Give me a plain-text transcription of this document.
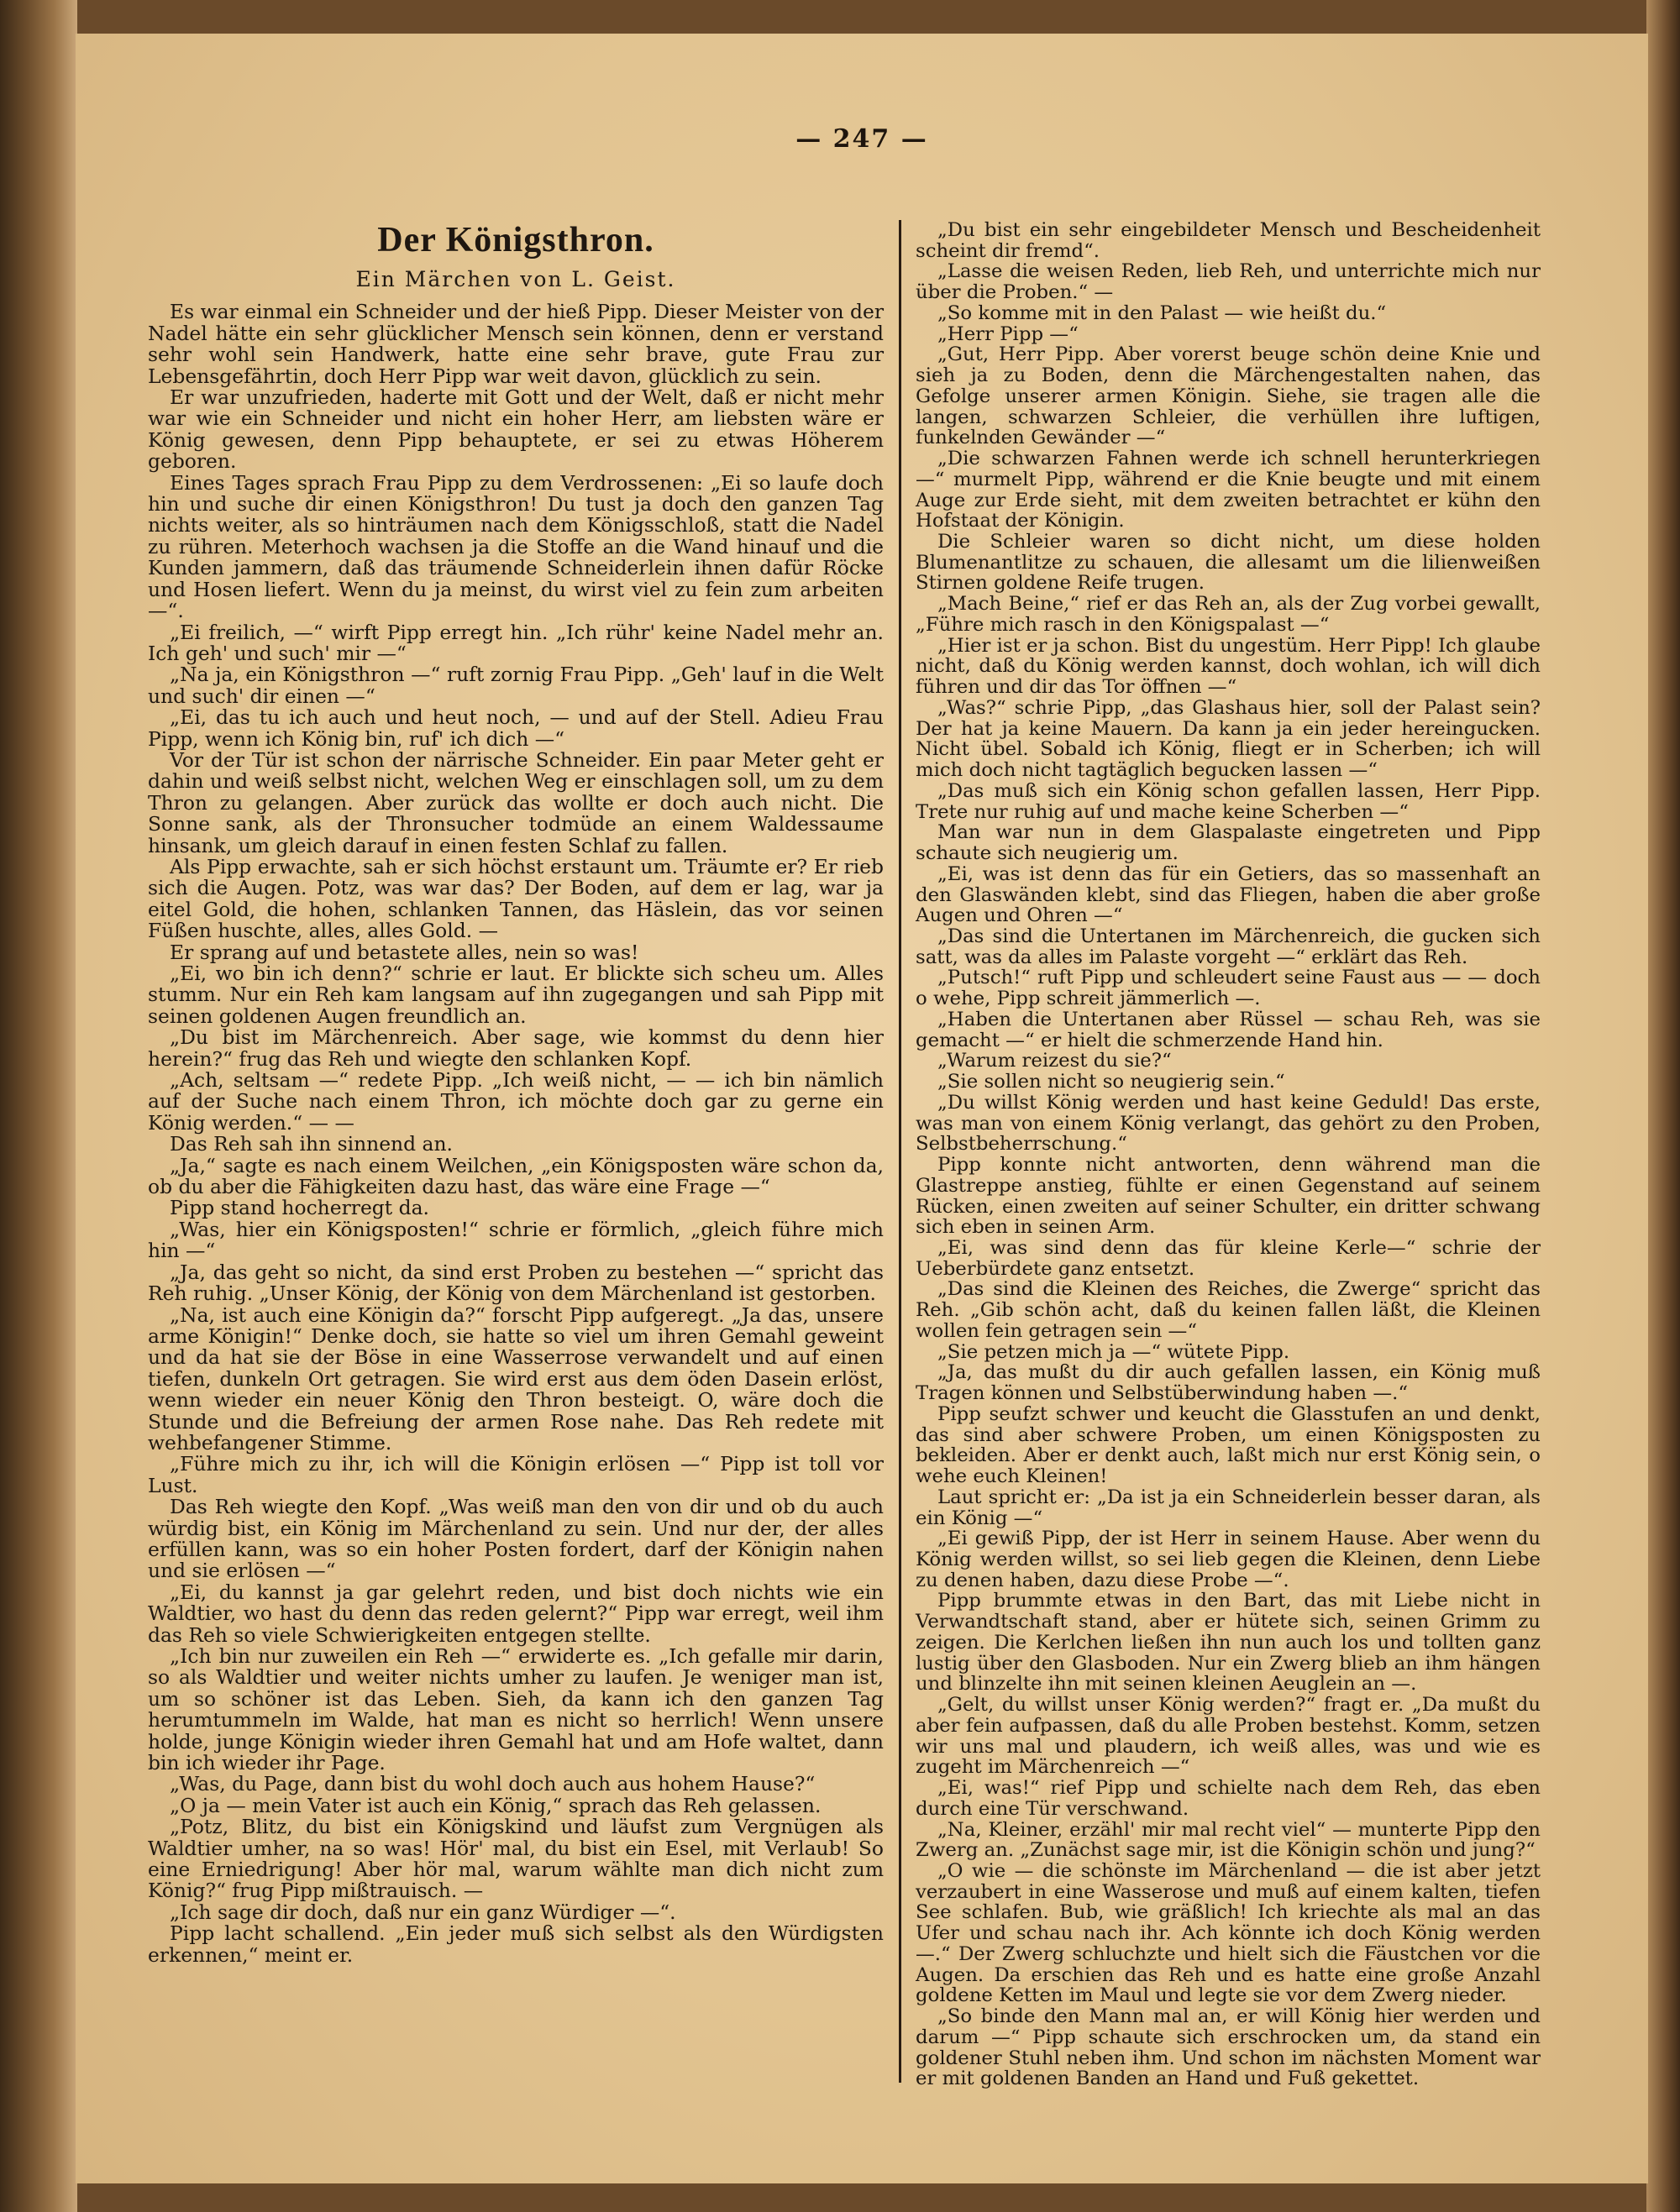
— 247 —
Der Königsthron.
Ein Märchen von L. Geist.

Es war einmal ein Schneider und der hieß Pipp. Dieser Meister von der Nadel hätte ein sehr glücklicher Mensch sein können, denn er verstand sehr wohl sein Handwerk, hatte eine sehr brave, gute Frau zur Lebensgefährtin, doch Herr Pipp war weit davon, glücklich zu sein.

Er war unzufrieden, haderte mit Gott und der Welt, daß er nicht mehr war wie ein Schneider und nicht ein hoher Herr, am liebsten wäre er König gewesen, denn Pipp behauptete, er sei zu etwas Höherem geboren.

Eines Tages sprach Frau Pipp zu dem Verdrossenen: „Ei so laufe doch hin und suche dir einen Königsthron! Du tust ja doch den ganzen Tag nichts weiter, als so hinträumen nach dem Königsschloß, statt die Nadel zu rühren. Meterhoch wachsen ja die Stoffe an die Wand hinauf und die Kunden jammern, daß das träumende Schneiderlein ihnen dafür Röcke und Hosen liefert. Wenn du ja meinst, du wirst viel zu fein zum arbeiten —“.

„Ei freilich, —“ wirft Pipp erregt hin. „Ich rühr' keine Nadel mehr an. Ich geh' und such' mir —“

„Na ja, ein Königsthron —“ ruft zornig Frau Pipp. „Geh' lauf in die Welt und such' dir einen —“

„Ei, das tu ich auch und heut noch, — und auf der Stell. Adieu Frau Pipp, wenn ich König bin, ruf' ich dich —“

Vor der Tür ist schon der närrische Schneider. Ein paar Meter geht er dahin und weiß selbst nicht, welchen Weg er einschlagen soll, um zu dem Thron zu gelangen. Aber zurück das wollte er doch auch nicht. Die Sonne sank, als der Thronsucher todmüde an einem Waldessaume hinsank, um gleich darauf in einen festen Schlaf zu fallen.

Als Pipp erwachte, sah er sich höchst erstaunt um. Träumte er? Er rieb sich die Augen. Potz, was war das? Der Boden, auf dem er lag, war ja eitel Gold, die hohen, schlanken Tannen, das Häslein, das vor seinen Füßen huschte, alles, alles Gold. —

Er sprang auf und betastete alles, nein so was!

„Ei, wo bin ich denn?“ schrie er laut. Er blickte sich scheu um. Alles stumm. Nur ein Reh kam langsam auf ihn zugegangen und sah Pipp mit seinen goldenen Augen freundlich an.

„Du bist im Märchenreich. Aber sage, wie kommst du denn hier herein?“ frug das Reh und wiegte den schlanken Kopf.

„Ach, seltsam —“ redete Pipp. „Ich weiß nicht, — — ich bin nämlich auf der Suche nach einem Thron, ich möchte doch gar zu gerne ein König werden.“ — —

Das Reh sah ihn sinnend an.

„Ja,“ sagte es nach einem Weilchen, „ein Königsposten wäre schon da, ob du aber die Fähigkeiten dazu hast, das wäre eine Frage —“

Pipp stand hocherregt da.

„Was, hier ein Königsposten!“ schrie er förmlich, „gleich führe mich hin —“

„Ja, das geht so nicht, da sind erst Proben zu bestehen —“ spricht das Reh ruhig. „Unser König, der König von dem Märchenland ist gestorben.

„Na, ist auch eine Königin da?“ forscht Pipp aufgeregt. „Ja das, unsere arme Königin!“ Denke doch, sie hatte so viel um ihren Gemahl geweint und da hat sie der Böse in eine Wasserrose verwandelt und auf einen tiefen, dunkeln Ort getragen. Sie wird erst aus dem öden Dasein erlöst, wenn wieder ein neuer König den Thron besteigt. O, wäre doch die Stunde und die Befreiung der armen Rose nahe. Das Reh redete mit wehbefangener Stimme.

„Führe mich zu ihr, ich will die Königin erlösen —“ Pipp ist toll vor Lust.

Das Reh wiegte den Kopf. „Was weiß man den von dir und ob du auch würdig bist, ein König im Märchenland zu sein. Und nur der, der alles erfüllen kann, was so ein hoher Posten fordert, darf der Königin nahen und sie erlösen —“

„Ei, du kannst ja gar gelehrt reden, und bist doch nichts wie ein Waldtier, wo hast du denn das reden gelernt?“ Pipp war erregt, weil ihm das Reh so viele Schwierigkeiten entgegen stellte.

„Ich bin nur zuweilen ein Reh —“ erwiderte es. „Ich gefalle mir darin, so als Waldtier und weiter nichts umher zu laufen. Je weniger man ist, um so schöner ist das Leben. Sieh, da kann ich den ganzen Tag herumtummeln im Walde, hat man es nicht so herrlich! Wenn unsere holde, junge Königin wieder ihren Gemahl hat und am Hofe waltet, dann bin ich wieder ihr Page.

„Was, du Page, dann bist du wohl doch auch aus hohem Hause?“

„O ja — mein Vater ist auch ein König,“ sprach das Reh gelassen.

„Potz, Blitz, du bist ein Königskind und läufst zum Vergnügen als Waldtier umher, na so was! Hör' mal, du bist ein Esel, mit Verlaub! So eine Erniedrigung! Aber hör mal, warum wählte man dich nicht zum König?“ frug Pipp mißtrauisch. —

„Ich sage dir doch, daß nur ein ganz Würdiger —“.

Pipp lacht schallend. „Ein jeder muß sich selbst als den Würdigsten erkennen,“ meint er.

„Du bist ein sehr eingebildeter Mensch und Bescheidenheit scheint dir fremd“.

„Lasse die weisen Reden, lieb Reh, und unterrichte mich nur über die Proben.“ —

„So komme mit in den Palast — wie heißt du.“

„Herr Pipp —“

„Gut, Herr Pipp. Aber vorerst beuge schön deine Knie und sieh ja zu Boden, denn die Märchengestalten nahen, das Gefolge unserer armen Königin. Siehe, sie tragen alle die langen, schwarzen Schleier, die verhüllen ihre luftigen, funkelnden Gewänder —“

„Die schwarzen Fahnen werde ich schnell herunterkriegen —“ murmelt Pipp, während er die Knie beugte und mit einem Auge zur Erde sieht, mit dem zweiten betrachtet er kühn den Hofstaat der Königin.

Die Schleier waren so dicht nicht, um diese holden Blumenantlitze zu schauen, die allesamt um die lilienweißen Stirnen goldene Reife trugen.

„Mach Beine,“ rief er das Reh an, als der Zug vorbei gewallt, „Führe mich rasch in den Königspalast —“

„Hier ist er ja schon. Bist du ungestüm. Herr Pipp! Ich glaube nicht, daß du König werden kannst, doch wohlan, ich will dich führen und dir das Tor öffnen —“

„Was?“ schrie Pipp, „das Glashaus hier, soll der Palast sein? Der hat ja keine Mauern. Da kann ja ein jeder hereingucken. Nicht übel. Sobald ich König, fliegt er in Scherben; ich will mich doch nicht tagtäglich begucken lassen —“

„Das muß sich ein König schon gefallen lassen, Herr Pipp. Trete nur ruhig auf und mache keine Scherben —“

Man war nun in dem Glaspalaste eingetreten und Pipp schaute sich neugierig um.

„Ei, was ist denn das für ein Getiers, das so massenhaft an den Glaswänden klebt, sind das Fliegen, haben die aber große Augen und Ohren —“

„Das sind die Untertanen im Märchenreich, die gucken sich satt, was da alles im Palaste vorgeht —“ erklärt das Reh.

„Putsch!“ ruft Pipp und schleudert seine Faust aus — — doch o wehe, Pipp schreit jämmerlich —.

„Haben die Untertanen aber Rüssel — schau Reh, was sie gemacht —“ er hielt die schmerzende Hand hin.

„Warum reizest du sie?“

„Sie sollen nicht so neugierig sein.“

„Du willst König werden und hast keine Geduld! Das erste, was man von einem König verlangt, das gehört zu den Proben, Selbstbeherrschung.“

Pipp konnte nicht antworten, denn während man die Glastreppe anstieg, fühlte er einen Gegenstand auf seinem Rücken, einen zweiten auf seiner Schulter, ein dritter schwang sich eben in seinen Arm.

„Ei, was sind denn das für kleine Kerle—“ schrie der Ueberbürdete ganz entsetzt.

„Das sind die Kleinen des Reiches, die Zwerge“ spricht das Reh. „Gib schön acht, daß du keinen fallen läßt, die Kleinen wollen fein getragen sein —“

„Sie petzen mich ja —“ wütete Pipp.

„Ja, das mußt du dir auch gefallen lassen, ein König muß Tragen können und Selbstüberwindung haben —.“

Pipp seufzt schwer und keucht die Glasstufen an und denkt, das sind aber schwere Proben, um einen Königsposten zu bekleiden. Aber er denkt auch, laßt mich nur erst König sein, o wehe euch Kleinen!

Laut spricht er: „Da ist ja ein Schneiderlein besser daran, als ein König —“

„Ei gewiß Pipp, der ist Herr in seinem Hause. Aber wenn du König werden willst, so sei lieb gegen die Kleinen, denn Liebe zu denen haben, dazu diese Probe —“.

Pipp brummte etwas in den Bart, das mit Liebe nicht in Verwandtschaft stand, aber er hütete sich, seinen Grimm zu zeigen. Die Kerlchen ließen ihn nun auch los und tollten ganz lustig über den Glasboden. Nur ein Zwerg blieb an ihm hängen und blinzelte ihn mit seinen kleinen Aeuglein an —.

„Gelt, du willst unser König werden?“ fragt er. „Da mußt du aber fein aufpassen, daß du alle Proben bestehst. Komm, setzen wir uns mal und plaudern, ich weiß alles, was und wie es zugeht im Märchenreich —“

„Ei, was!“ rief Pipp und schielte nach dem Reh, das eben durch eine Tür verschwand.

„Na, Kleiner, erzähl' mir mal recht viel“ — munterte Pipp den Zwerg an. „Zunächst sage mir, ist die Königin schön und jung?“

„O wie — die schönste im Märchenland — die ist aber jetzt verzaubert in eine Wasserose und muß auf einem kalten, tiefen See schlafen. Bub, wie gräßlich! Ich kriechte als mal an das Ufer und schau nach ihr. Ach könnte ich doch König werden —.“ Der Zwerg schluchzte und hielt sich die Fäustchen vor die Augen. Da erschien das Reh und es hatte eine große Anzahl goldene Ketten im Maul und legte sie vor dem Zwerg nieder.

„So binde den Mann mal an, er will König hier werden und darum —“ Pipp schaute sich erschrocken um, da stand ein goldener Stuhl neben ihm. Und schon im nächsten Moment war er mit goldenen Banden an Hand und Fuß gekettet.
